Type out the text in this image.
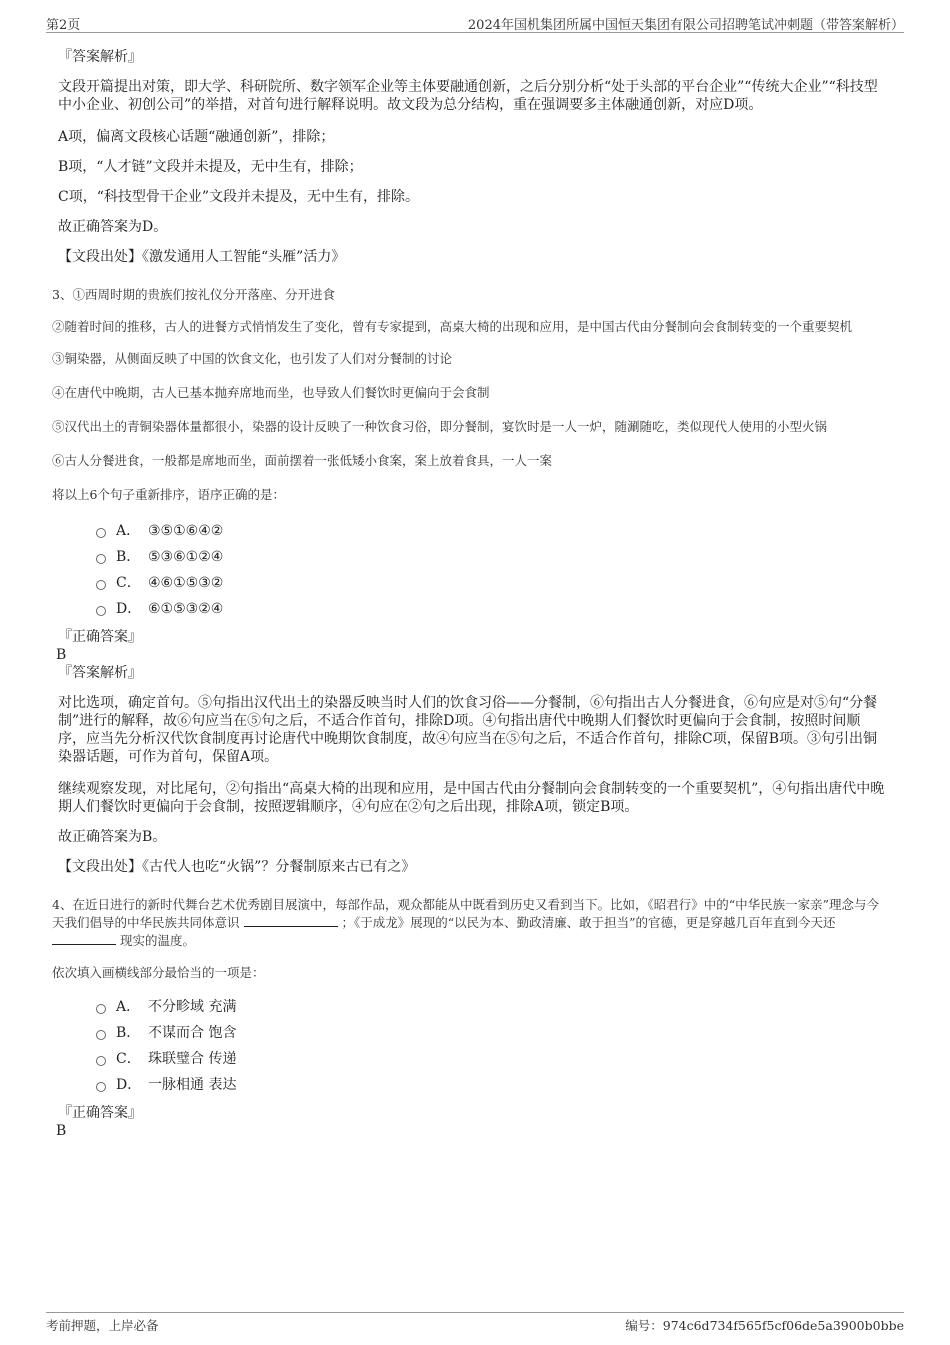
第2页	2024年国机集团所属中国恒天集团有限公司招聘笔试冲刺题（带答案解析）
『答案解析』

文段开篇提出对策，即大学、科研院所、数字领军企业等主体要融通创新，之后分别分析“处于头部的平台企业”“传统大企业”“科技型中小企业、初创公司”的举措，对首句进行解释说明。故文段为总分结构，重在强调要多主体融通创新，对应D项。

A项，偏离文段核心话题“融通创新”，排除；

B项，“人才链”文段并未提及，无中生有，排除；

C项，“科技型骨干企业”文段并未提及，无中生有，排除。

故正确答案为D。

【文段出处】《激发通用人工智能“头雁”活力》

3、①西周时期的贵族们按礼仪分开落座、分开进食

②随着时间的推移，古人的进餐方式悄悄发生了变化，曾有专家提到，高桌大椅的出现和应用，是中国古代由分餐制向会食制转变的一个重要契机

③铜染器，从侧面反映了中国的饮食文化，也引发了人们对分餐制的讨论

④在唐代中晚期，古人已基本抛弃席地而坐，也导致人们餐饮时更偏向于会食制

⑤汉代出土的青铜染器体量都很小，染器的设计反映了一种饮食习俗，即分餐制，宴饮时是一人一炉，随涮随吃，类似现代人使用的小型火锅

⑥古人分餐进食，一般都是席地而坐，面前摆着一张低矮小食案，案上放着食具，一人一案

将以上6个句子重新排序，语序正确的是：

A． ③⑤①⑥④②
B． ⑤③⑥①②④
C． ④⑥①⑤③②
D． ⑥①⑤③②④
『正确答案』
B
『答案解析』

对比选项，确定首句。⑤句指出汉代出土的染器反映当时人们的饮食习俗——分餐制，⑥句指出古人分餐进食，⑥句应是对⑤句“分餐制”进行的解释，故⑥句应当在⑤句之后，不适合作首句，排除D项。④句指出唐代中晚期人们餐饮时更偏向于会食制，按照时间顺序，应当先分析汉代饮食制度再讨论唐代中晚期饮食制度，故④句应当在⑤句之后，不适合作首句，排除C项，保留B项。③句引出铜染器话题，可作为首句，保留A项。

继续观察发现，对比尾句，②句指出“高桌大椅的出现和应用，是中国古代由分餐制向会食制转变的一个重要契机”，④句指出唐代中晚期人们餐饮时更偏向于会食制，按照逻辑顺序，④句应在②句之后出现，排除A项，锁定B项。

故正确答案为B。

【文段出处】《古代人也吃“火锅”？分餐制原来古已有之》

4、在近日进行的新时代舞台艺术优秀剧目展演中，每部作品，观众都能从中既看到历史又看到当下。比如，《昭君行》中的“中华民族一家亲”理念与今天我们倡导的中华民族共同体意识	；《于成龙》展现的“以民为本、勤政清廉、敢于担当”的官德，更是穿越几百年直到今天还  现实的温度。

依次填入画横线部分最恰当的一项是：

A． 不分畛域 充满
B． 不谋而合 饱含
C． 珠联璧合 传递
D． 一脉相通 表达
『正确答案』
B
考前押题，上岸必备	编号：974c6d734f565f5cf06de5a3900b0bbe
